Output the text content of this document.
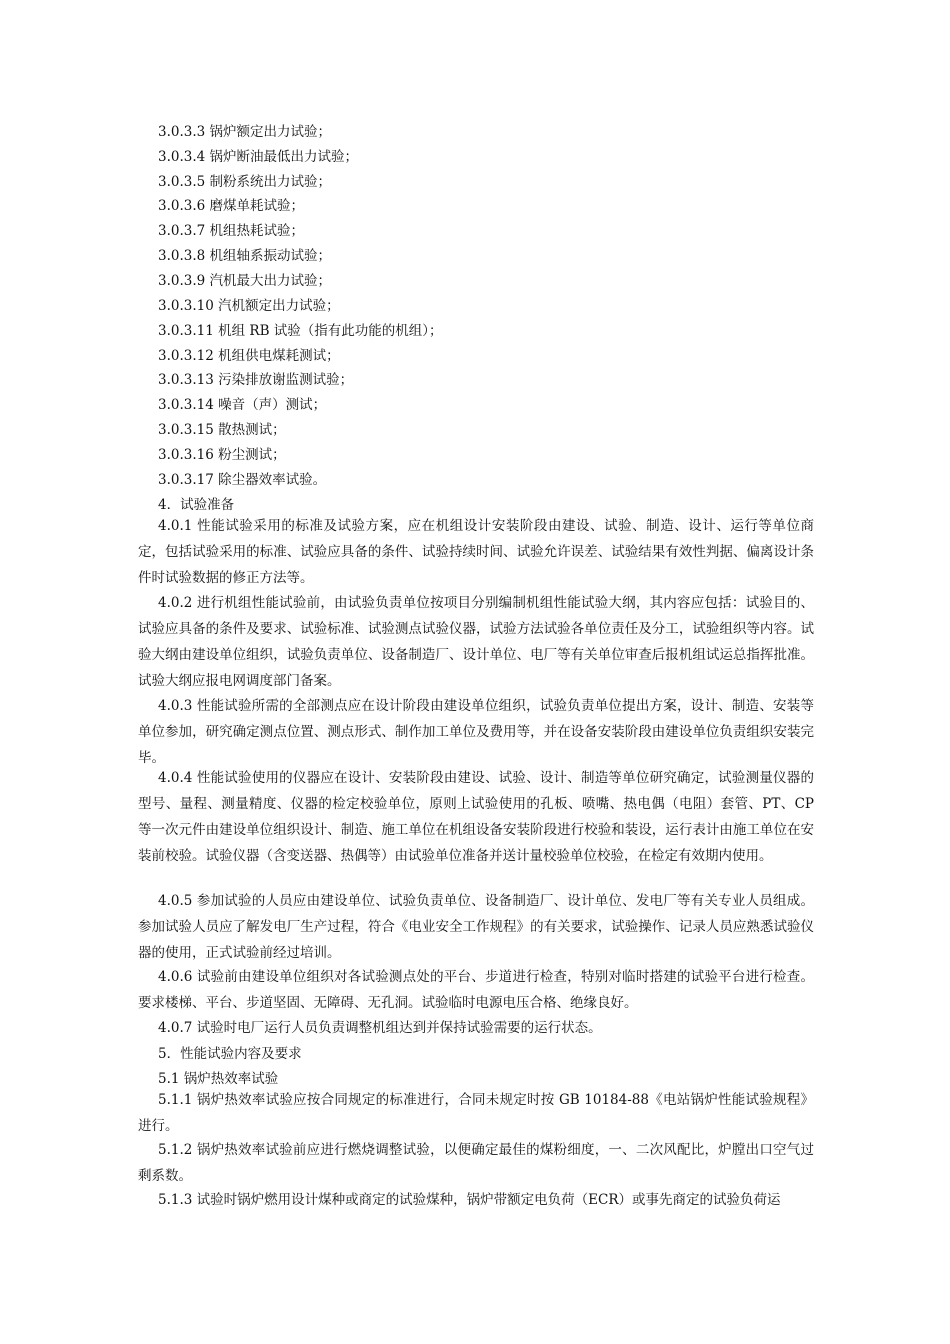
3.0.3.3 锅炉额定出力试验；

3.0.3.4 锅炉断油最低出力试验；

3.0.3.5 制粉系统出力试验；

3.0.3.6 磨煤单耗试验；

3.0.3.7 机组热耗试验；

3.0.3.8 机组轴系振动试验；

3.0.3.9 汽机最大出力试验；

3.0.3.10 汽机额定出力试验；

3.0.3.11 机组 RB 试验（指有此功能的机组）；

3.0.3.12 机组供电煤耗测试；

3.0.3.13 污染排放谢监测试验；

3.0.3.14 噪音（声）测试；

3.0.3.15 散热测试；

3.0.3.16 粉尘测试；

3.0.3.17 除尘器效率试验。

4．试验准备

4.0.1 性能试验采用的标准及试验方案，应在机组设计安装阶段由建设、试验、制造、设计、运行等单位商定，包括试验采用的标准、试验应具备的条件、试验持续时间、试验允许误差、试验结果有效性判据、偏离设计条件时试验数据的修正方法等。

4.0.2 进行机组性能试验前，由试验负责单位按项目分别编制机组性能试验大纲，其内容应包括：试验目的、试验应具备的条件及要求、试验标准、试验测点试验仪器，试验方法试验各单位责任及分工，试验组织等内容。试验大纲由建设单位组织，试验负责单位、设备制造厂、设计单位、电厂等有关单位审查后报机组试运总指挥批准。试验大纲应报电网调度部门备案。

4.0.3 性能试验所需的全部测点应在设计阶段由建设单位组织，试验负责单位提出方案，设计、制造、安装等单位参加，研究确定测点位置、测点形式、制作加工单位及费用等，并在设备安装阶段由建设单位负责组织安装完毕。

4.0.4 性能试验使用的仪器应在设计、安装阶段由建设、试验、设计、制造等单位研究确定，试验测量仪器的型号、量程、测量精度、仪器的检定校验单位，原则上试验使用的孔板、喷嘴、热电偶（电阻）套管、PT、CP 等一次元件由建设单位组织设计、制造、施工单位在机组设备安装阶段进行校验和装设，运行表计由施工单位在安装前校验。试验仪器（含变送器、热偶等）由试验单位准备并送计量校验单位校验，在检定有效期内使用。

4.0.5 参加试验的人员应由建设单位、试验负责单位、设备制造厂、设计单位、发电厂等有关专业人员组成。参加试验人员应了解发电厂生产过程，符合《电业安全工作规程》的有关要求，试验操作、记录人员应熟悉试验仪器的使用，正式试验前经过培训。

4.0.6 试验前由建设单位组织对各试验测点处的平台、步道进行检查，特别对临时搭建的试验平台进行检查。要求楼梯、平台、步道坚固、无障碍、无孔洞。试验临时电源电压合格、绝缘良好。

4.0.7 试验时电厂运行人员负责调整机组达到并保持试验需要的运行状态。

5．性能试验内容及要求

5.1 锅炉热效率试验

5.1.1 锅炉热效率试验应按合同规定的标准进行，合同未规定时按 GB 10184-88《电站锅炉性能试验规程》进行。

5.1.2 锅炉热效率试验前应进行燃烧调整试验，以便确定最佳的煤粉细度，一、二次风配比，炉膛出口空气过剩系数。

5.1.3 试验时锅炉燃用设计煤种或商定的试验煤种，锅炉带额定电负荷（ECR）或事先商定的试验负荷运
